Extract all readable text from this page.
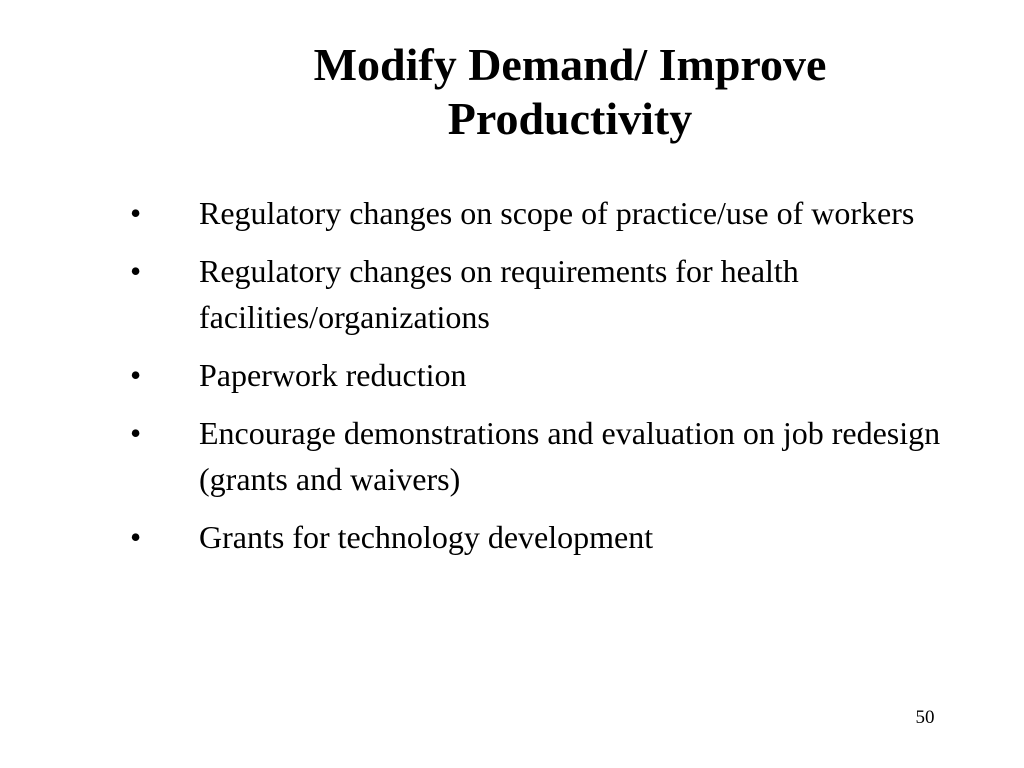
Modify Demand/ Improve
Productivity
• Regulatory changes on scope of practice/use of workers
• Regulatory changes on requirements for health facilities/organizations
• Paperwork reduction
• Encourage demonstrations and evaluation on job redesign (grants and waivers)
• Grants for technology development
50
